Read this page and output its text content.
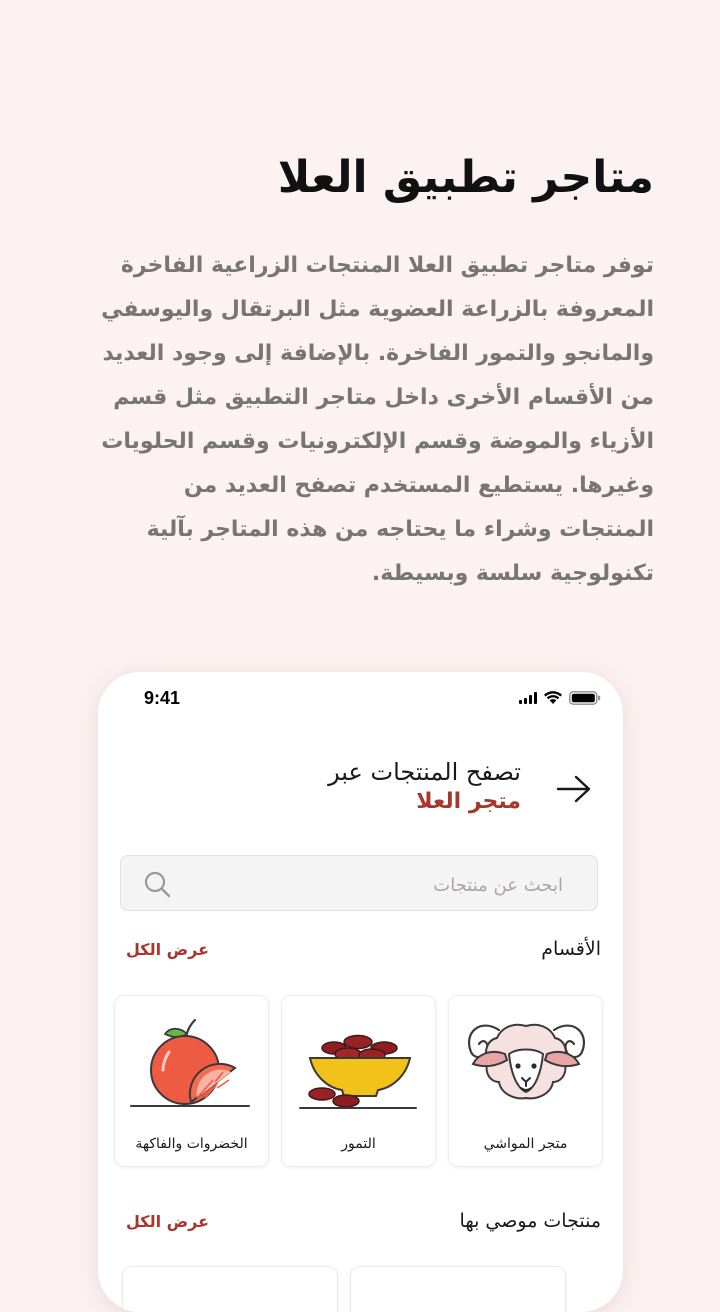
متاجر تطبيق العلا

توفر متاجر تطبيق العلا المنتجات الزراعية الفاخرة المعروفة بالزراعة العضوية مثل البرتقال واليوسفي والمانجو والتمور الفاخرة. بالإضافة إلى وجود العديد من الأقسام الأخرى داخل متاجر التطبيق مثل قسم الأزياء والموضة وقسم الإلكترونيات وقسم الحلويات وغيرها. يستطيع المستخدم تصفح العديد من المنتجات وشراء ما يحتاجه من هذه المتاجر بآلية تكنولوجية سلسة وبسيطة.

9:41
تصفح المنتجات عبر
متجر العلا
ابحث عن منتجات
الأقسام
عرض الكل
متجر المواشي
التمور
الخضروات والفاكهة
منتجات موصي بها
عرض الكل
